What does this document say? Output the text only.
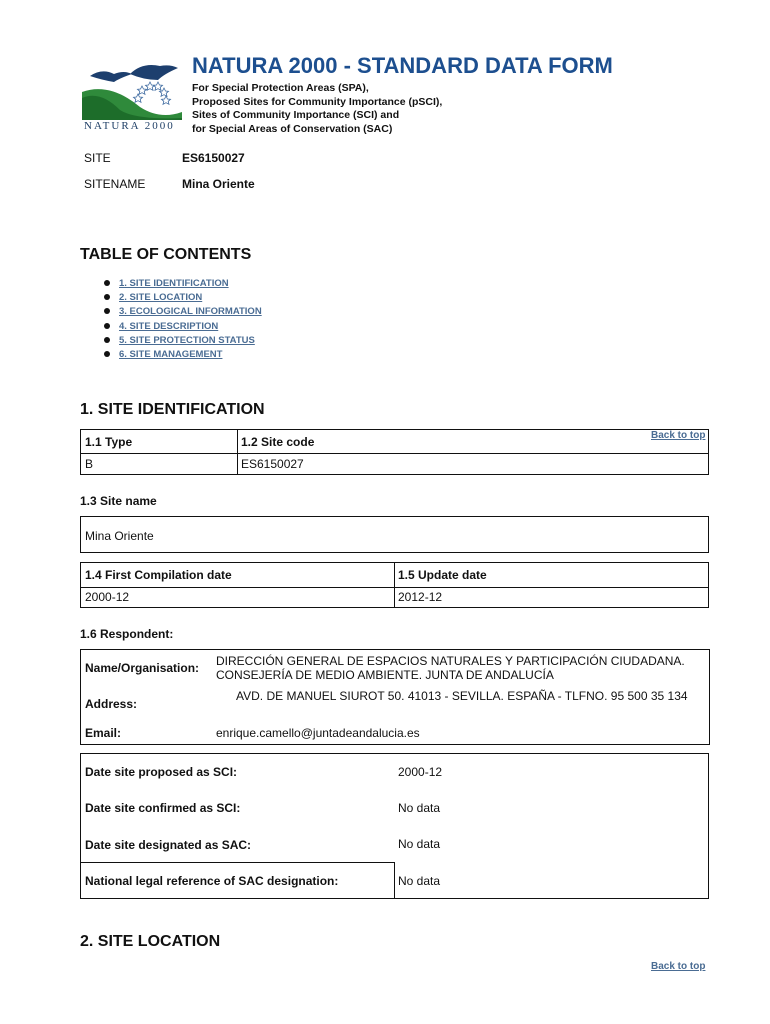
NATURA 2000
NATURA 2000 - STANDARD DATA FORM
For Special Protection Areas (SPA),
Proposed Sites for Community Importance (pSCI),
Sites of Community Importance (SCI) and
for Special Areas of Conservation (SAC)
SITE	ES6150027
SITENAME	Mina Oriente
TABLE OF CONTENTS
1. SITE IDENTIFICATION
2. SITE LOCATION
3. ECOLOGICAL INFORMATION
4. SITE DESCRIPTION
5. SITE PROTECTION STATUS
6. SITE MANAGEMENT
1. SITE IDENTIFICATION
1.1 Type	1.2 Site code
B	ES6150027
Back to top
1.3 Site name
Mina Oriente
1.4 First Compilation date	1.5 Update date
2000-12	2012-12
1.6 Respondent:
Name/Organisation: DIRECCIÓN GENERAL DE ESPACIOS NATURALES Y PARTICIPACIÓN CIUDADANA. CONSEJERÍA DE MEDIO AMBIENTE. JUNTA DE ANDALUCÍA
Address:
AVD. DE MANUEL SIUROT 50. 41013 - SEVILLA. ESPAÑA - TLFNO. 95 500 35 134
Email:	enrique.camello@juntadeandalucia.es
Date site proposed as SCI:	2000-12
Date site confirmed as SCI:	No data
Date site designated as SAC:	No data
National legal reference of SAC designation:	No data
2. SITE LOCATION
Back to top
